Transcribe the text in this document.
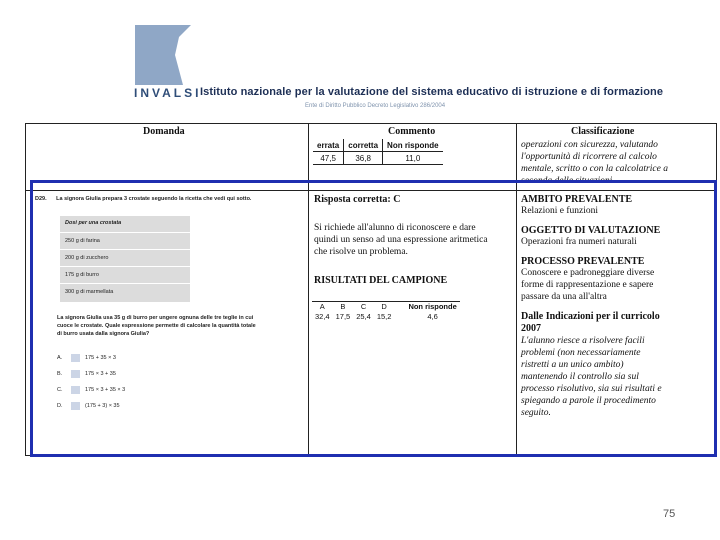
INVALSI
Istituto nazionale per la valutazione del sistema educativo di istruzione e di formazione
Ente di Diritto Pubblico Decreto Legislativo 286/2004
Domanda	Commento	Classificazione
errata	corretta	Non risponde
47,5	36,8	11,0
operazioni con sicurezza, valutando
l'opportunità di ricorrere al calcolo
mentale, scritto o con la calcolatrice a
seconda delle situazioni
D29. La signora Giulia prepara 3 crostate seguendo la ricetta che vedi qui sotto.
Dosi per una crostata
250 g di farina
200 g di zucchero
175 g di burro
300 g di marmellata
La signora Giulia usa 35 g di burro per ungere ognuna delle tre teglie in cui
cuoce le crostate. Quale espressione permette di calcolare la quantità totale
di burro usata dalla signora Giulia?
A.	175 + 35 × 3
B.	175 × 3 + 35
C.	175 × 3 + 35 × 3
D.	(175 + 3) × 35
Risposta corretta: C
Si richiede all'alunno di riconoscere e dare
quindi un senso ad una espressione aritmetica
che risolve un problema.
RISULTATI DEL CAMPIONE
A	B	C	D	Non risponde
32,4	17,5	25,4	15,2	4,6
AMBITO PREVALENTE
Relazioni e funzioni
OGGETTO DI VALUTAZIONE
Operazioni fra numeri naturali
PROCESSO PREVALENTE
Conoscere e padroneggiare diverse
forme di rappresentazione e sapere
passare da una all'altra
Dalle Indicazioni per il curricolo
2007
L'alunno riesce a risolvere facili
problemi (non necessariamente
ristretti a un unico ambito)
mantenendo il controllo sia sul
processo risolutivo, sia sui risultati e
spiegando a parole il procedimento
seguito.
75
